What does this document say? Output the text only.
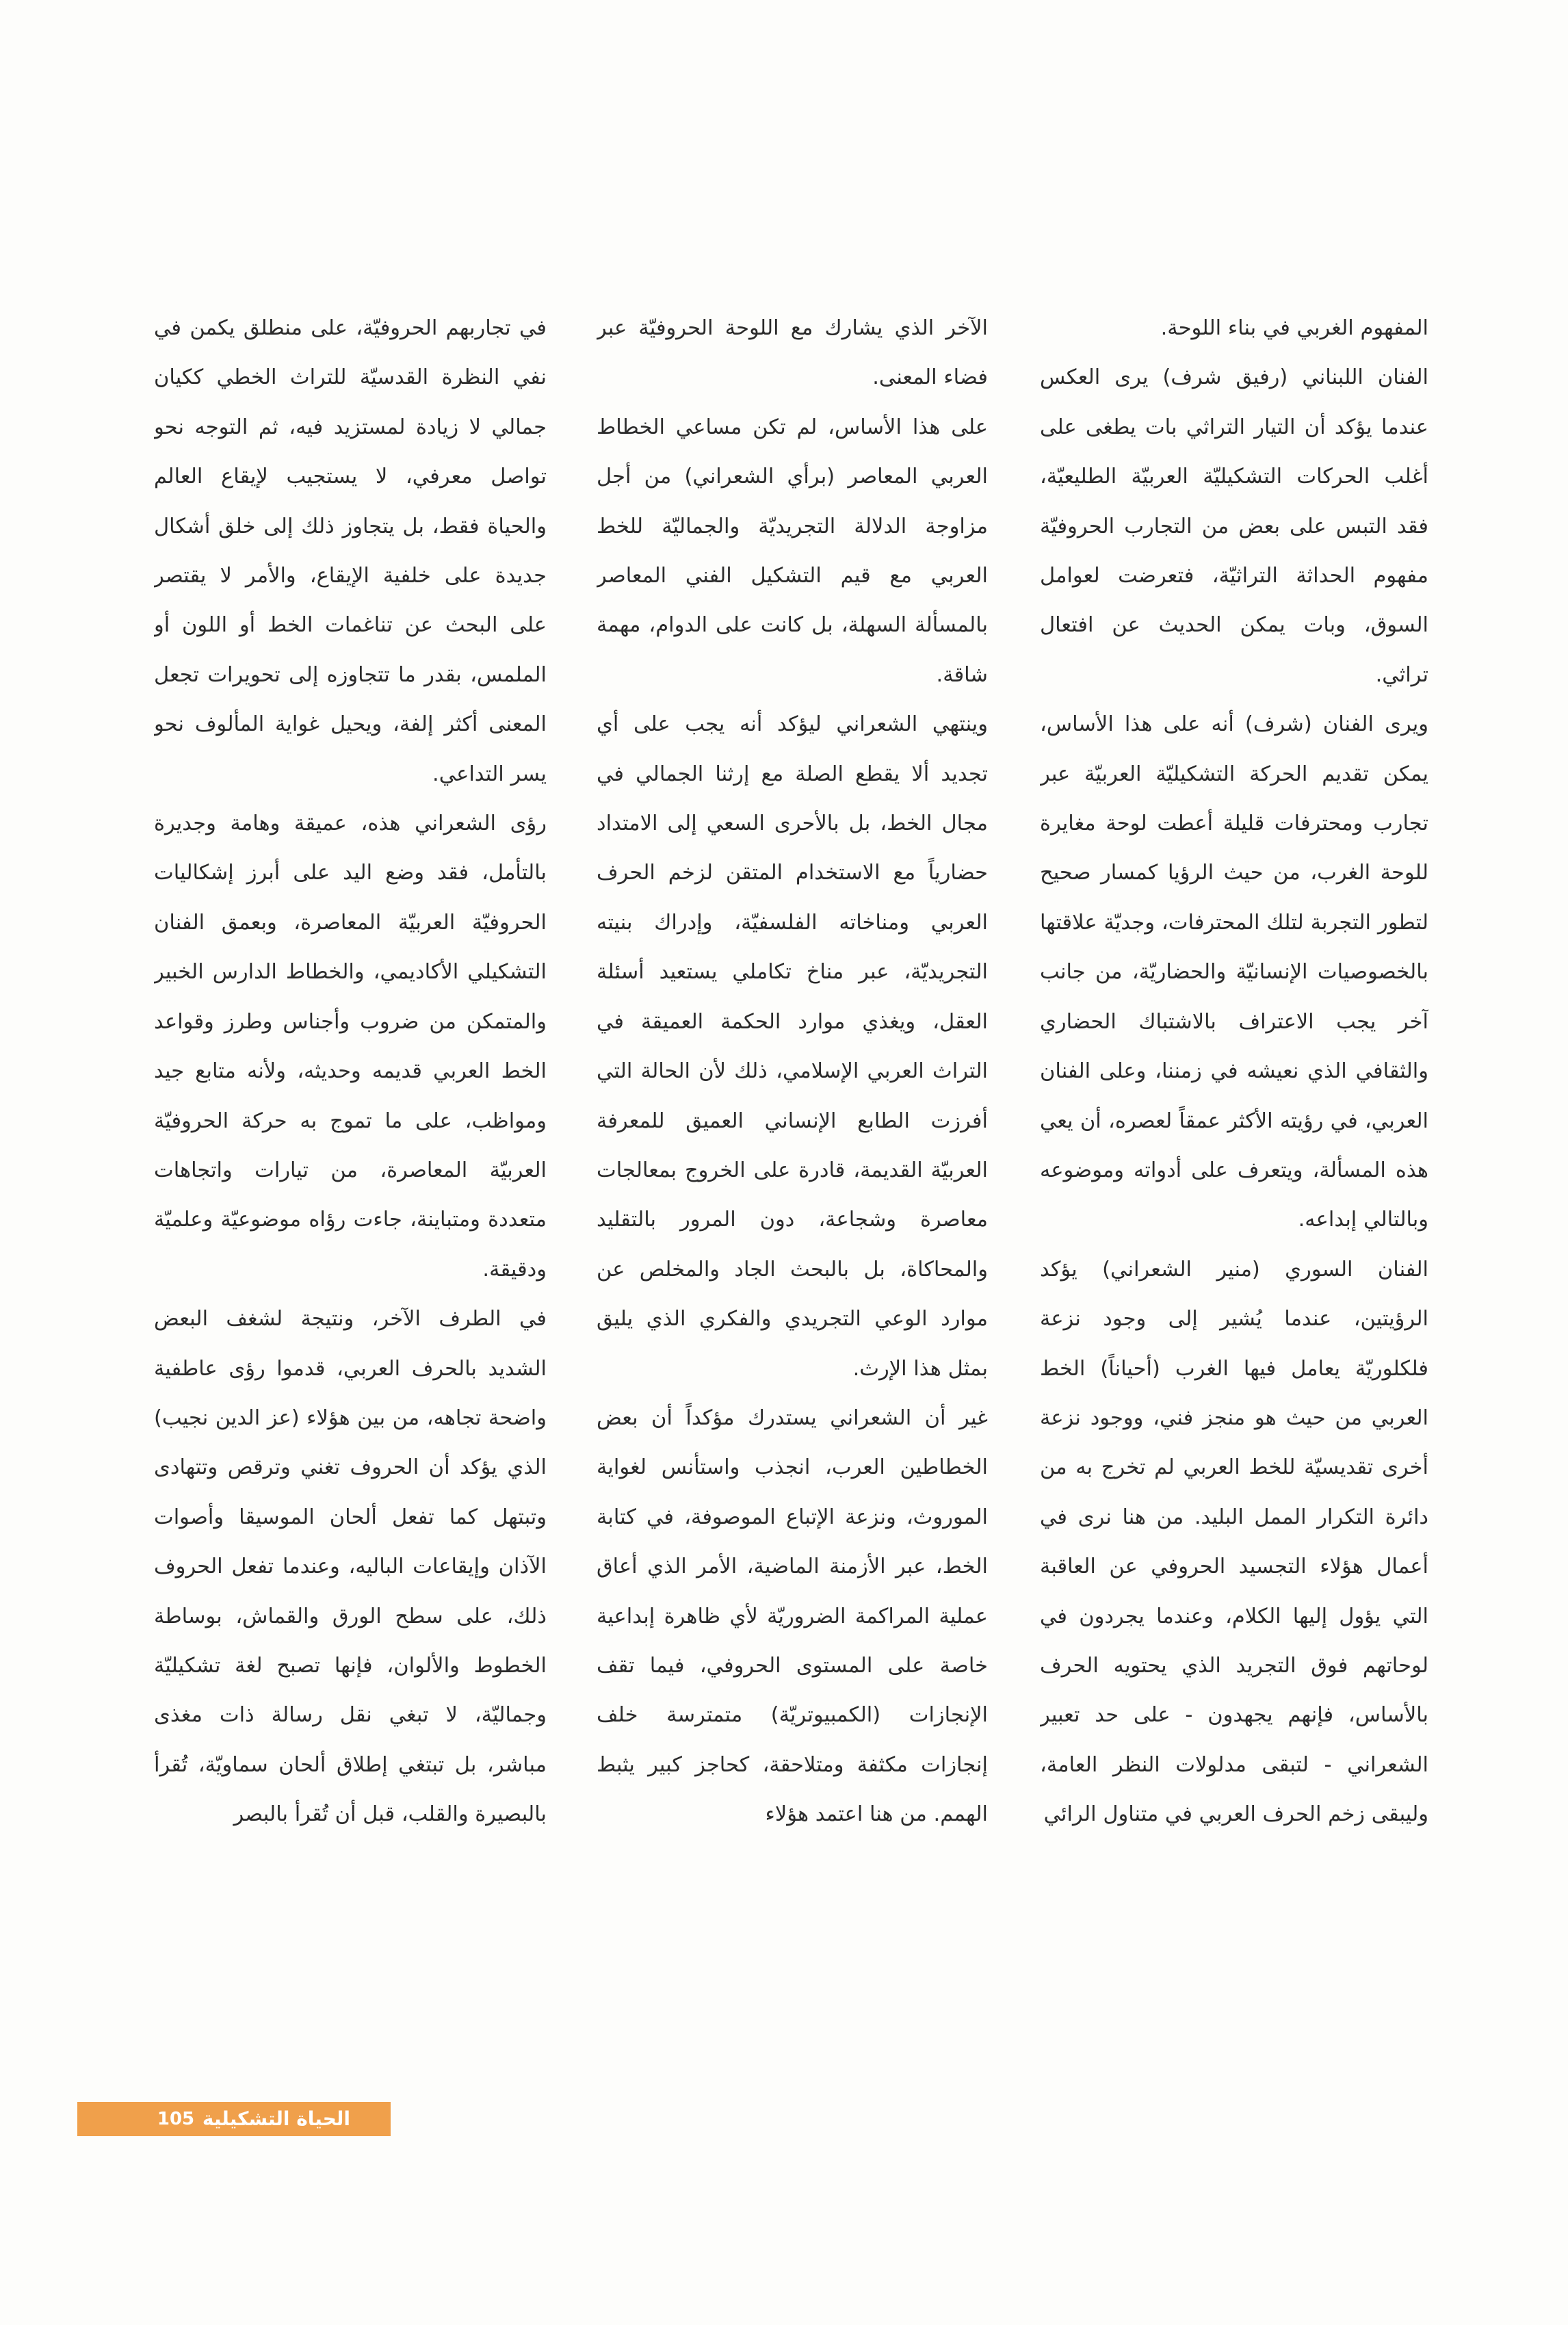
المفهوم الغربي في بناء اللوحة.

الفنان اللبناني (رفيق شرف) يرى العكس عندما يؤكد أن التيار التراثي بات يطغى على أغلب الحركات التشكيليّة العربيّة الطليعيّة، فقد التبس على بعض من التجارب الحروفيّة مفهوم الحداثة التراثيّة، فتعرضت لعوامل السوق، وبات يمكن الحديث عن افتعال تراثي.

ويرى الفنان (شرف) أنه على هذا الأساس، يمكن تقديم الحركة التشكيليّة العربيّة عبر تجارب ومحترفات قليلة أعطت لوحة مغايرة للوحة الغرب، من حيث الرؤيا كمسار صحيح لتطور التجربة لتلك المحترفات، وجديّة علاقتها بالخصوصيات الإنسانيّة والحضاريّة، من جانب آخر يجب الاعتراف بالاشتباك الحضاري والثقافي الذي نعيشه في زمننا، وعلى الفنان العربي، في رؤيته الأكثر عمقاً لعصره، أن يعي هذه المسألة، ويتعرف على أدواته وموضوعه وبالتالي إبداعه.

الفنان السوري (منير الشعراني) يؤكد الرؤيتين، عندما يُشير إلى وجود نزعة فلكلوريّة يعامل فيها الغرب (أحياناً) الخط العربي من حيث هو منجز فني، ووجود نزعة أخرى تقديسيّة للخط العربي لم تخرج به من دائرة التكرار الممل البليد. من هنا نرى في أعمال هؤلاء التجسيد الحروفي عن العاقبة التي يؤول إليها الكلام، وعندما يجردون في لوحاتهم فوق التجريد الذي يحتويه الحرف بالأساس، فإنهم يجهدون - على حد تعبير الشعراني - لتبقى مدلولات النظر العامة، وليبقى زخم الحرف العربي في متناول الرائي

الآخر الذي يشارك مع اللوحة الحروفيّة عبر فضاء المعنى.

على هذا الأساس، لم تكن مساعي الخطاط العربي المعاصر (برأي الشعراني) من أجل مزاوجة الدلالة التجريديّة والجماليّة للخط العربي مع قيم التشكيل الفني المعاصر بالمسألة السهلة، بل كانت على الدوام، مهمة شاقة.

وينتهي الشعراني ليؤكد أنه يجب على أي تجديد ألا يقطع الصلة مع إرثنا الجمالي في مجال الخط، بل بالأحرى السعي إلى الامتداد حضارياً مع الاستخدام المتقن لزخم الحرف العربي ومناخاته الفلسفيّة، وإدراك بنيته التجريديّة، عبر مناخ تكاملي يستعيد أسئلة العقل، ويغذي موارد الحكمة العميقة في التراث العربي الإسلامي، ذلك لأن الحالة التي أفرزت الطابع الإنساني العميق للمعرفة العربيّة القديمة، قادرة على الخروج بمعالجات معاصرة وشجاعة، دون المرور بالتقليد والمحاكاة، بل بالبحث الجاد والمخلص عن موارد الوعي التجريدي والفكري الذي يليق بمثل هذا الإرث.

غير أن الشعراني يستدرك مؤكداً أن بعض الخطاطين العرب، انجذب واستأنس لغواية الموروث، ونزعة الإتباع الموصوفة، في كتابة الخط، عبر الأزمنة الماضية، الأمر الذي أعاق عملية المراكمة الضروريّة لأي ظاهرة إبداعية خاصة على المستوى الحروفي، فيما تقف الإنجازات (الكمبيوتريّة) متمترسة خلف إنجازات مكثفة ومتلاحقة، كحاجز كبير يثبط الهمم. من هنا اعتمد هؤلاء

في تجاربهم الحروفيّة، على منطلق يكمن في نفي النظرة القدسيّة للتراث الخطي ككيان جمالي لا زيادة لمستزيد فيه، ثم التوجه نحو تواصل معرفي، لا يستجيب لإيقاع العالم والحياة فقط، بل يتجاوز ذلك إلى خلق أشكال جديدة على خلفية الإيقاع، والأمر لا يقتصر على البحث عن تناغمات الخط أو اللون أو الملمس، بقدر ما تتجاوزه إلى تحويرات تجعل المعنى أكثر إلفة، ويحيل غواية المألوف نحو يسر التداعي.

رؤى الشعراني هذه، عميقة وهامة وجديرة بالتأمل، فقد وضع اليد على أبرز إشكاليات الحروفيّة العربيّة المعاصرة، وبعمق الفنان التشكيلي الأكاديمي، والخطاط الدارس الخبير والمتمكن من ضروب وأجناس وطرز وقواعد الخط العربي قديمه وحديثه، ولأنه متابع جيد ومواظب، على ما تموج به حركة الحروفيّة العربيّة المعاصرة، من تيارات واتجاهات متعددة ومتباينة، جاءت رؤاه موضوعيّة وعلميّة ودقيقة.

في الطرف الآخر، ونتيجة لشغف البعض الشديد بالحرف العربي، قدموا رؤى عاطفية واضحة تجاهه، من بين هؤلاء (عز الدين نجيب) الذي يؤكد أن الحروف تغني وترقص وتتهادى وتبتهل كما تفعل ألحان الموسيقا وأصوات الآذان وإيقاعات الباليه، وعندما تفعل الحروف ذلك، على سطح الورق والقماش، بوساطة الخطوط والألوان، فإنها تصبح لغة تشكيليّة وجماليّة، لا تبغي نقل رسالة ذات مغذى مباشر، بل تبتغي إطلاق ألحان سماويّة، تُقرأ بالبصيرة والقلب، قبل أن تُقرأ بالبصر

الحياة التشكيلية
105
